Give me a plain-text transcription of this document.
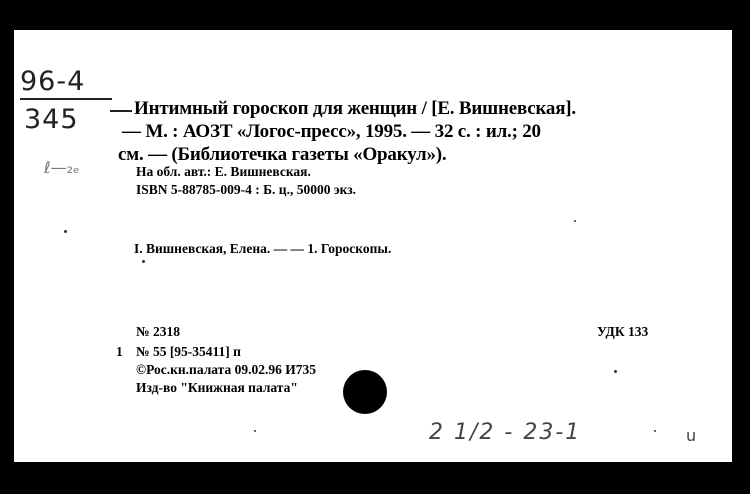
96-4
345
ℓ—₂ₑ
Интимный гороскоп для женщин / [Е. Вишневская].
— М. : АОЗТ «Логос-пресс», 1995. — 32 с. : ил.; 20
см. — (Библиотечка газеты «Оракул»).
На обл. авт.: Е. Вишневская.
ISBN 5-88785-009-4 : Б. ц., 50000 экз.
I. Вишневская, Елена. — — 1. Гороскопы.
№ 2318	УДК 133
1 № 55 [95-35411] п
©Рос.кн.палата 09.02.96 И735
Изд-во "Книжная палата"
2 1/2 - 23-1	u
